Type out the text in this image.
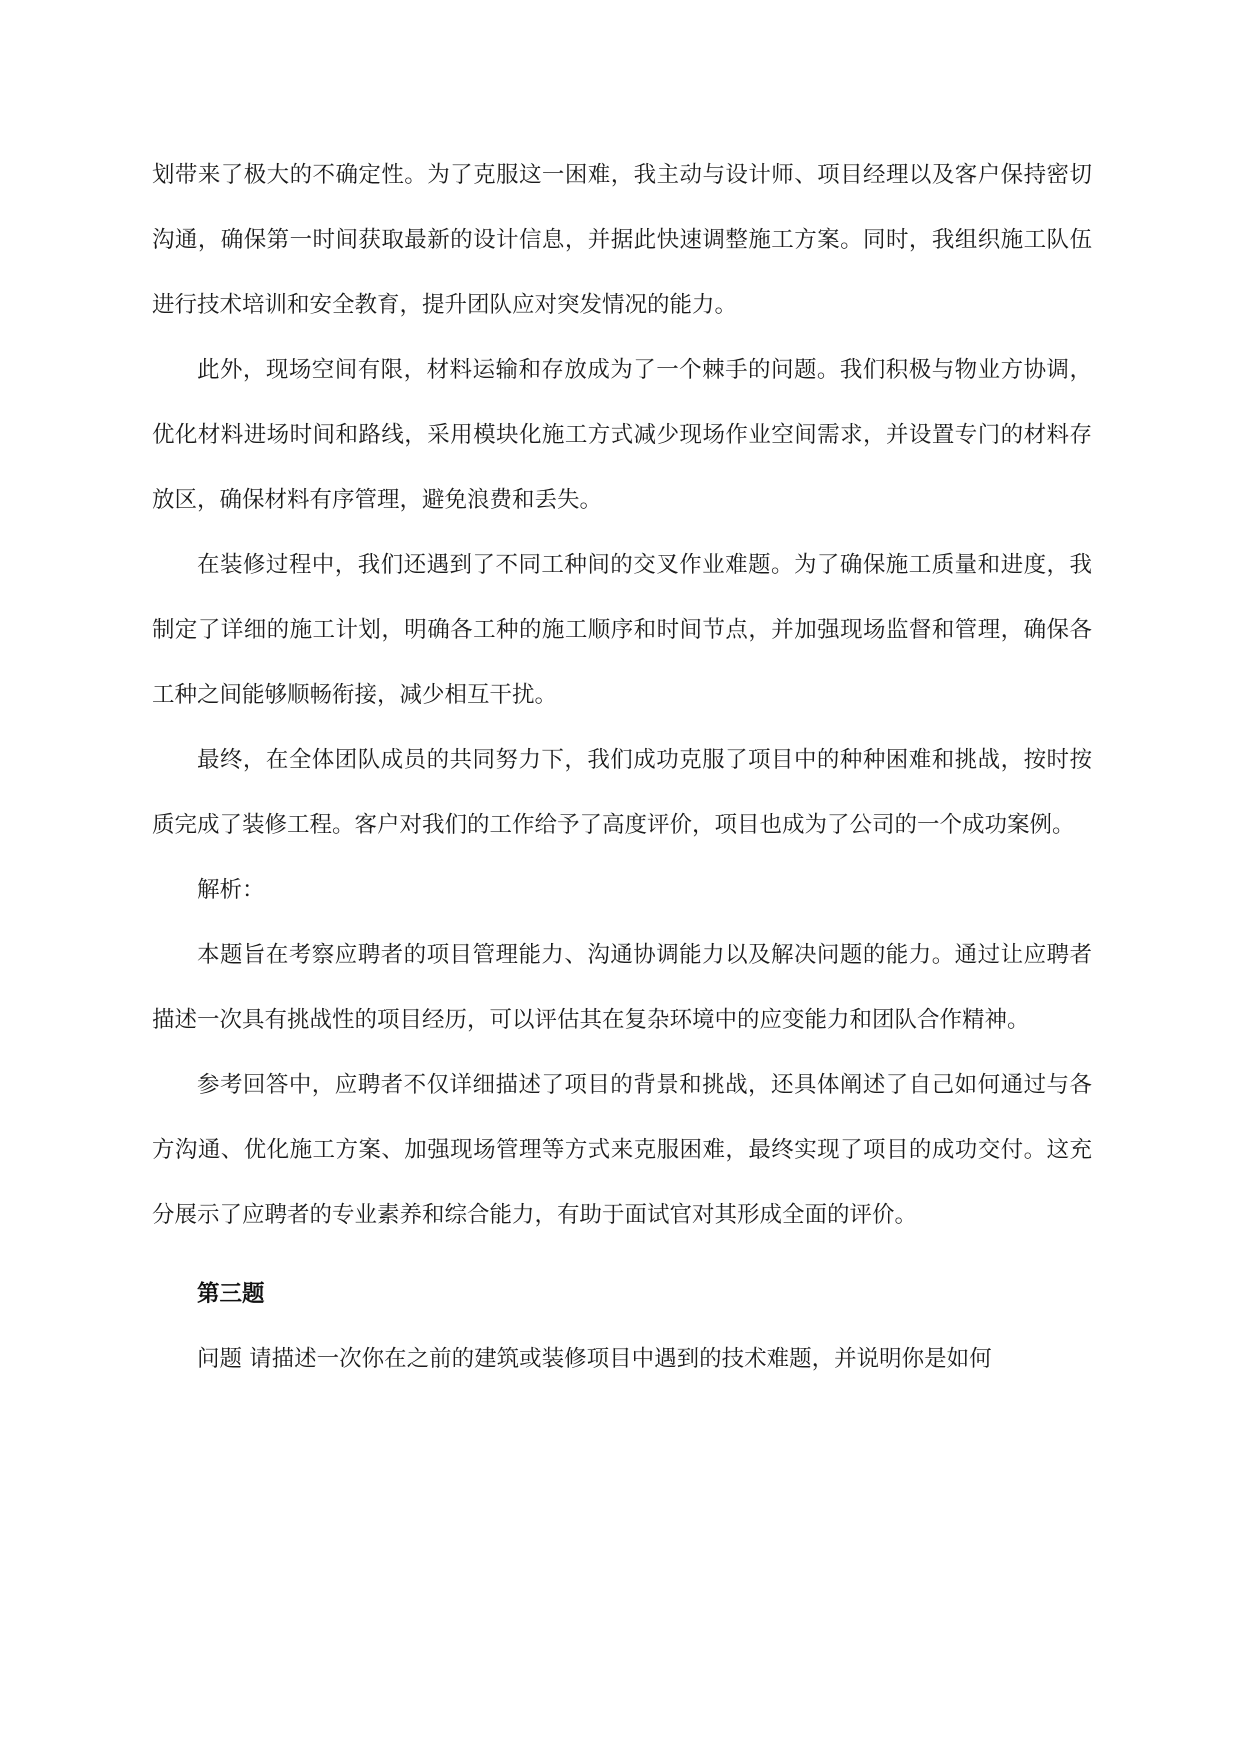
划带来了极大的不确定性。为了克服这一困难，我主动与设计师、项目经理以及客户保持密切沟通，确保第一时间获取最新的设计信息，并据此快速调整施工方案。同时，我组织施工队伍进行技术培训和安全教育，提升团队应对突发情况的能力。

此外，现场空间有限，材料运输和存放成为了一个棘手的问题。我们积极与物业方协调，优化材料进场时间和路线，采用模块化施工方式减少现场作业空间需求，并设置专门的材料存放区，确保材料有序管理，避免浪费和丢失。

在装修过程中，我们还遇到了不同工种间的交叉作业难题。为了确保施工质量和进度，我制定了详细的施工计划，明确各工种的施工顺序和时间节点，并加强现场监督和管理，确保各工种之间能够顺畅衔接，减少相互干扰。

最终，在全体团队成员的共同努力下，我们成功克服了项目中的种种困难和挑战，按时按质完成了装修工程。客户对我们的工作给予了高度评价，项目也成为了公司的一个成功案例。

解析：

本题旨在考察应聘者的项目管理能力、沟通协调能力以及解决问题的能力。通过让应聘者描述一次具有挑战性的项目经历，可以评估其在复杂环境中的应变能力和团队合作精神。

参考回答中，应聘者不仅详细描述了项目的背景和挑战，还具体阐述了自己如何通过与各方沟通、优化施工方案、加强现场管理等方式来克服困难，最终实现了项目的成功交付。这充分展示了应聘者的专业素养和综合能力，有助于面试官对其形成全面的评价。

第三题

问题 请描述一次你在之前的建筑或装修项目中遇到的技术难题，并说明你是如何
